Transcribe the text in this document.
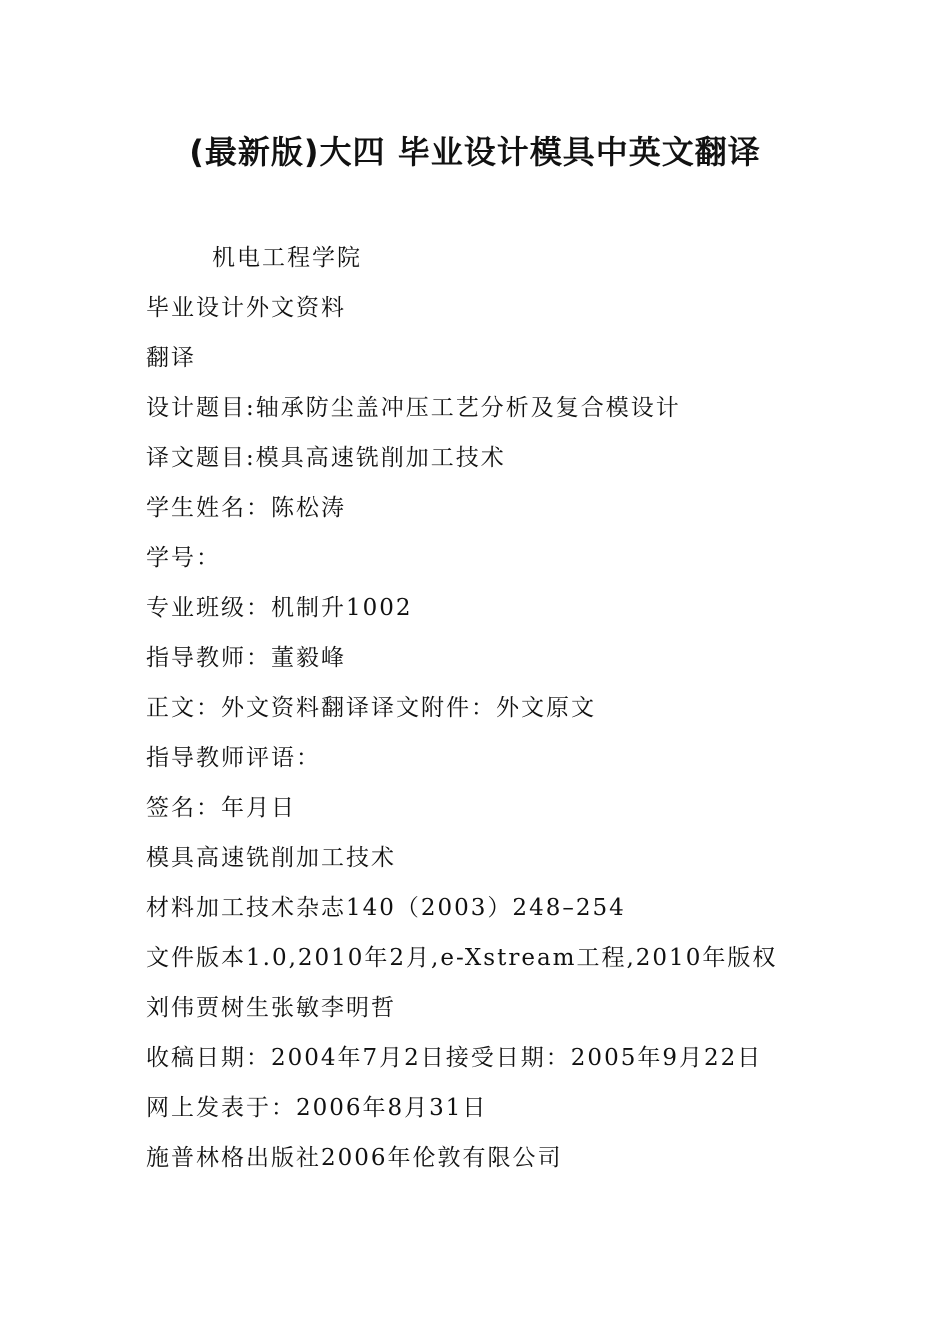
(最新版)大四 毕业设计模具中英文翻译
机电工程学院
毕业设计外文资料
翻译
设计题目:轴承防尘盖冲压工艺分析及复合模设计
译文题目:模具高速铣削加工技术
学生姓名：陈松涛
学号：
专业班级：机制升1002
指导教师：董毅峰
正文：外文资料翻译译文附件：外文原文
指导教师评语：
签名：年月日
模具高速铣削加工技术
材料加工技术杂志140（2003）248–254
文件版本1.0,2010年2月,e-Xstream工程,2010年版权
刘伟贾树生张敏李明哲
收稿日期：2004年7月2日接受日期：2005年9月22日
网上发表于：2006年8月31日
施普林格出版社2006年伦敦有限公司
